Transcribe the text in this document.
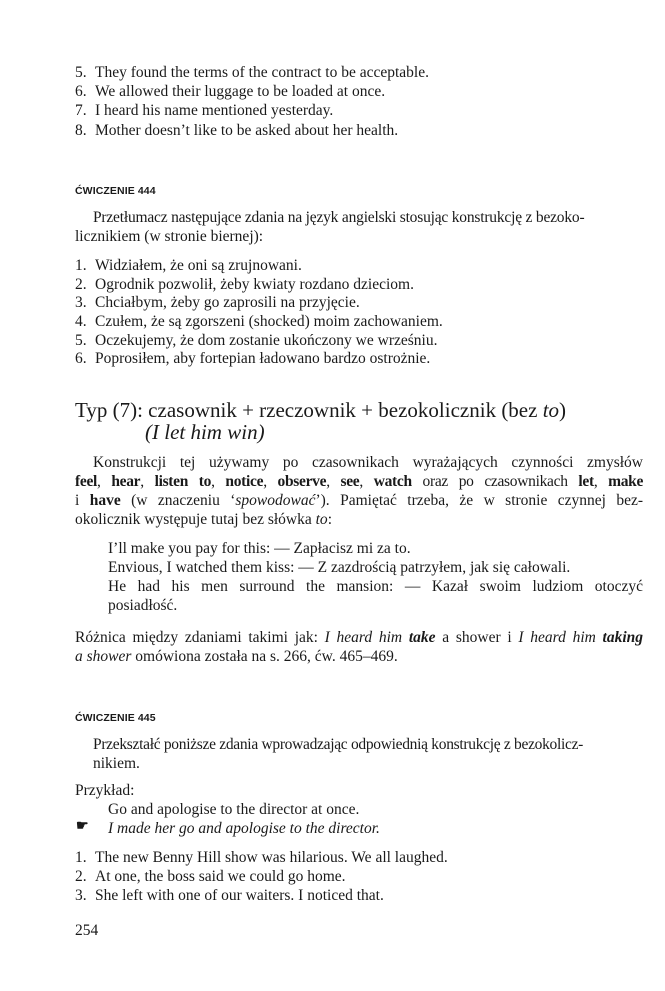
5. They found the terms of the contract to be acceptable.
6. We allowed their luggage to be loaded at once.
7. I heard his name mentioned yesterday.
8. Mother doesn’t like to be asked about her health.
ĆWICZENIE 444
Przetłumacz następujące zdania na język angielski stosując konstrukcję z bezoko-
licznikiem (w stronie biernej):
1. Widziałem, że oni są zrujnowani.
2. Ogrodnik pozwolił, żeby kwiaty rozdano dzieciom.
3. Chciałbym, żeby go zaprosili na przyjęcie.
4. Czułem, że są zgorszeni (shocked) moim zachowaniem.
5. Oczekujemy, że dom zostanie ukończony we wrześniu.
6. Poprosiłem, aby fortepian ładowano bardzo ostrożnie.
Typ (7): czasownik + rzeczownik + bezokolicznik (bez to)
(I let him win)
Konstrukcji tej używamy po czasownikach wyrażających czynności zmysłów
feel, hear, listen to, notice, observe, see, watch oraz po czasownikach let, make
i have (w znaczeniu ‘spowodować’). Pamiętać trzeba, że w stronie czynnej bez-
okolicznik występuje tutaj bez słówka to:
I’ll make you pay for this: — Zapłacisz mi za to.
Envious, I watched them kiss: — Z zazdrością patrzyłem, jak się całowali.
He had his men surround the mansion: — Kazał swoim ludziom otoczyć
posiadłość.
Różnica między zdaniami takimi jak: I heard him take a shower i I heard him taking
a shower omówiona została na s. 266, ćw. 465–469.
ĆWICZENIE 445
Przekształć poniższe zdania wprowadzając odpowiednią konstrukcję z bezokolicz-
nikiem.
Przykład:
Go and apologise to the director at once.
☛ I made her go and apologise to the director.
1. The new Benny Hill show was hilarious. We all laughed.
2. At one, the boss said we could go home.
3. She left with one of our waiters. I noticed that.
254
